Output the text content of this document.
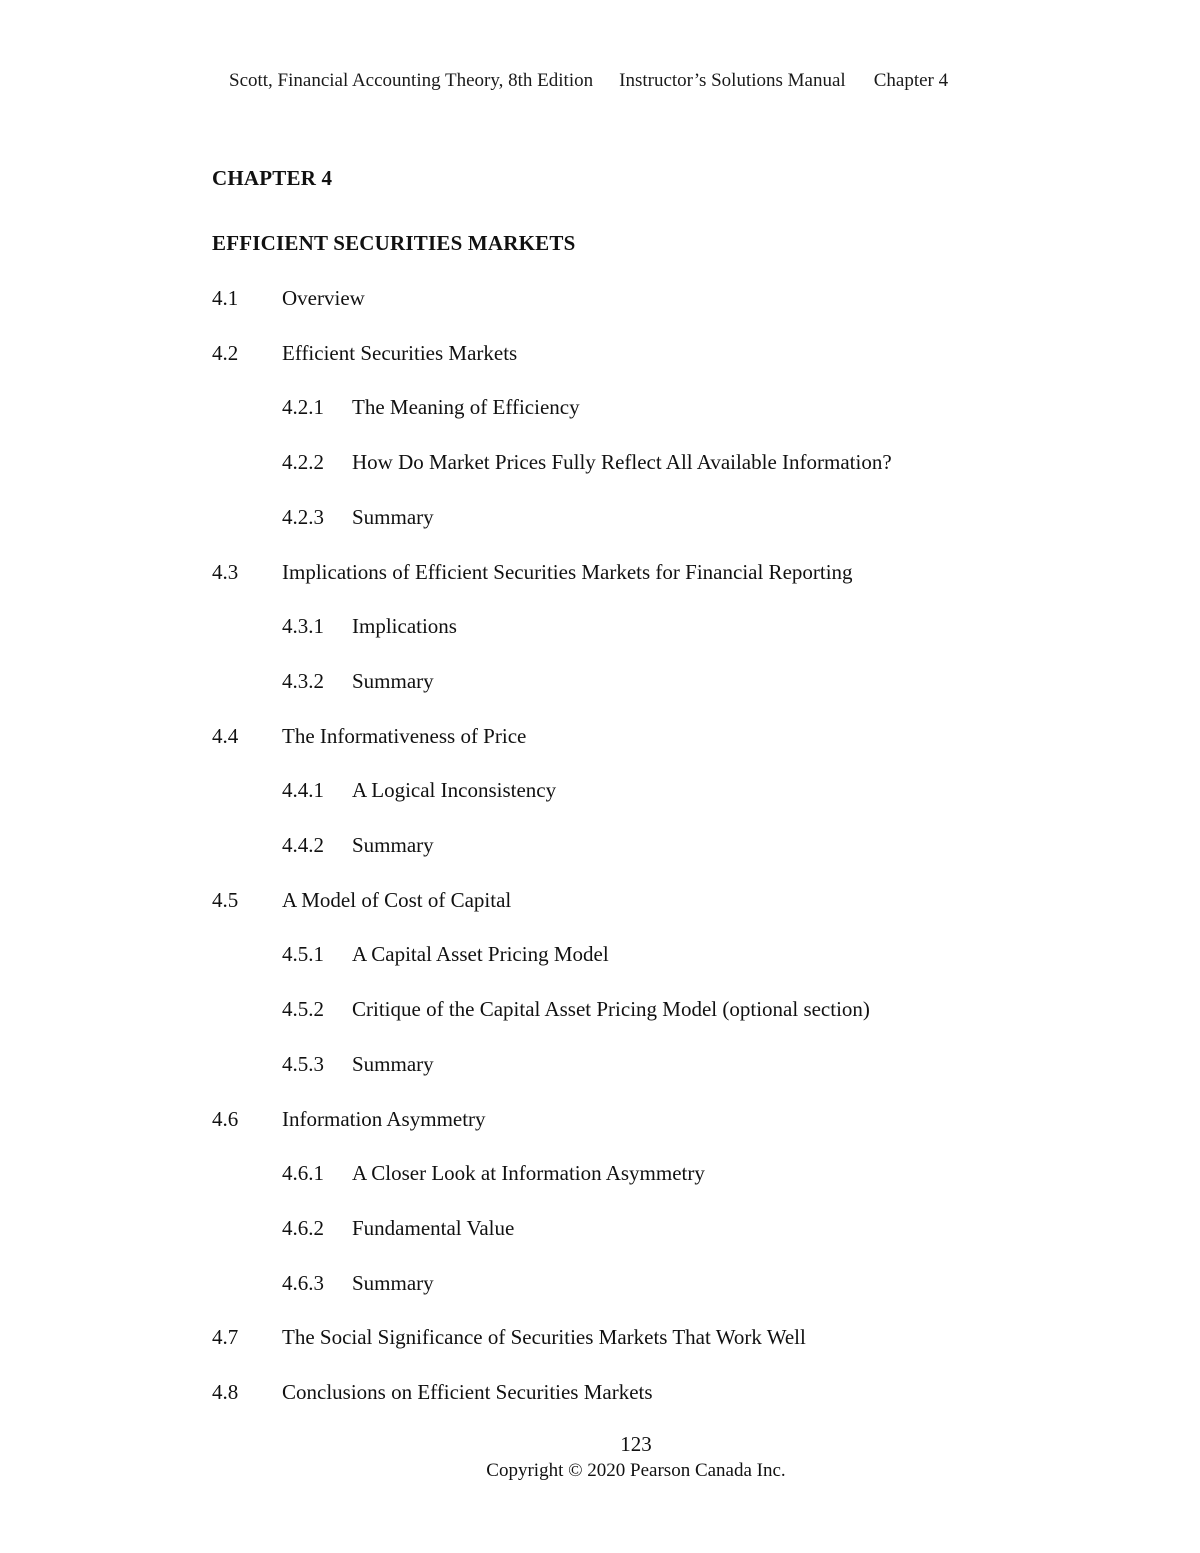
Scott, Financial Accounting Theory, 8th Edition Instructor’s Solutions Manual Chapter 4
CHAPTER 4
EFFICIENT SECURITIES MARKETS
4.1 Overview
4.2 Efficient Securities Markets
4.2.1 The Meaning of Efficiency
4.2.2 How Do Market Prices Fully Reflect All Available Information?
4.2.3 Summary
4.3 Implications of Efficient Securities Markets for Financial Reporting
4.3.1 Implications
4.3.2 Summary
4.4 The Informativeness of Price
4.4.1 A Logical Inconsistency
4.4.2 Summary
4.5 A Model of Cost of Capital
4.5.1 A Capital Asset Pricing Model
4.5.2 Critique of the Capital Asset Pricing Model (optional section)
4.5.3 Summary
4.6 Information Asymmetry
4.6.1 A Closer Look at Information Asymmetry
4.6.2 Fundamental Value
4.6.3 Summary
4.7 The Social Significance of Securities Markets That Work Well
4.8 Conclusions on Efficient Securities Markets
123
Copyright © 2020 Pearson Canada Inc.
